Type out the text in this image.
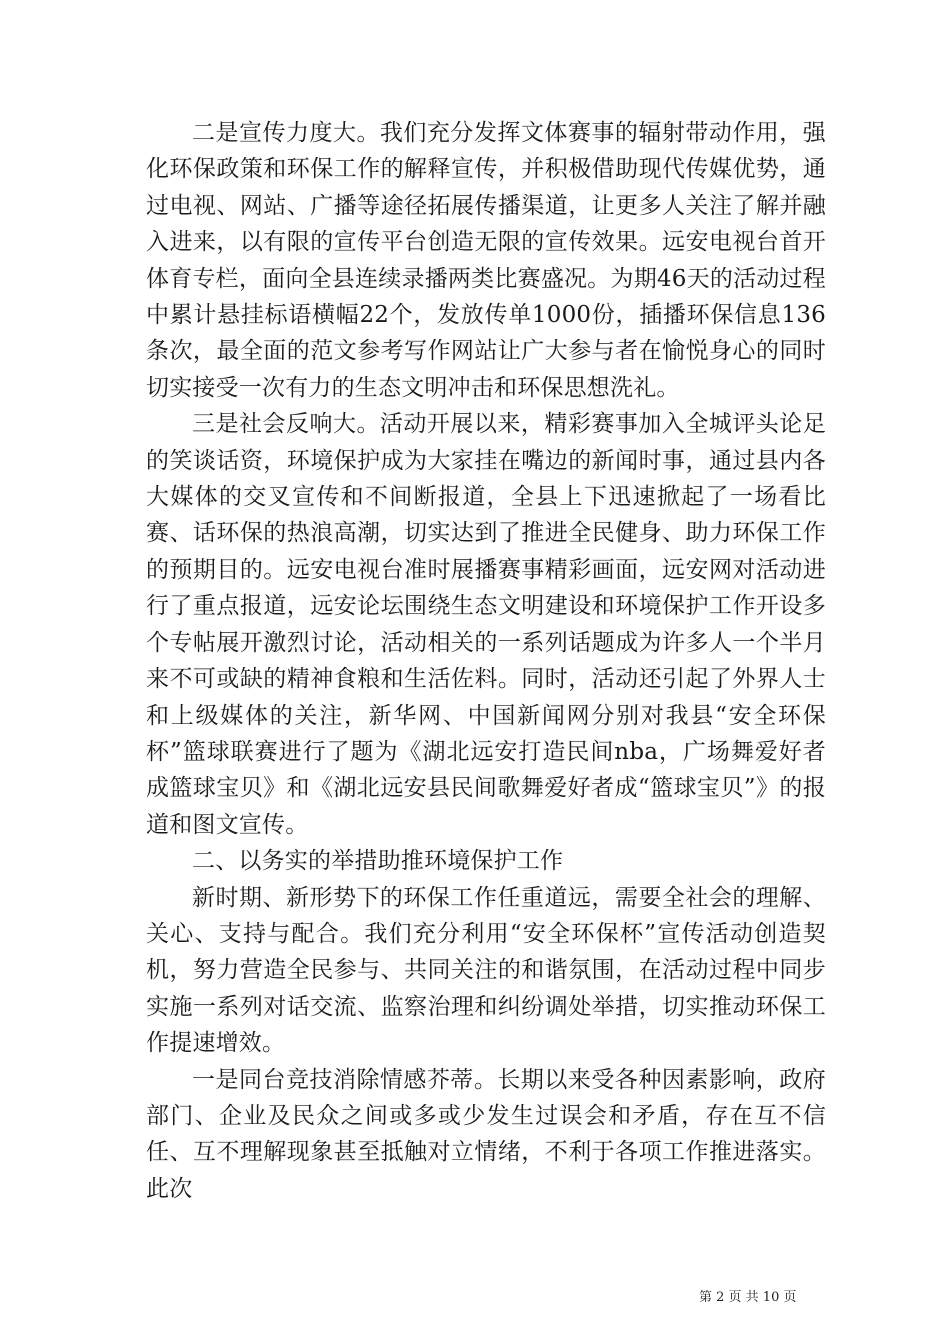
二是宣传力度大。我们充分发挥文体赛事的辐射带动作用，强化环保政策和环保工作的解释宣传，并积极借助现代传媒优势，通过电视、网站、广播等途径拓展传播渠道，让更多人关注了解并融入进来，以有限的宣传平台创造无限的宣传效果。远安电视台首开体育专栏，面向全县连续录播两类比赛盛况。为期46天的活动过程中累计悬挂标语横幅22个，发放传单1000份，插播环保信息136条次，最全面的范文参考写作网站让广大参与者在愉悦身心的同时切实接受一次有力的生态文明冲击和环保思想洗礼。

三是社会反响大。活动开展以来，精彩赛事加入全城评头论足的笑谈话资，环境保护成为大家挂在嘴边的新闻时事，通过县内各大媒体的交叉宣传和不间断报道，全县上下迅速掀起了一场看比赛、话环保的热浪高潮，切实达到了推进全民健身、助力环保工作的预期目的。远安电视台准时展播赛事精彩画面，远安网对活动进行了重点报道，远安论坛围绕生态文明建设和环境保护工作开设多个专帖展开激烈讨论，活动相关的一系列话题成为许多人一个半月来不可或缺的精神食粮和生活佐料。同时，活动还引起了外界人士和上级媒体的关注，新华网、中国新闻网分别对我县“安全环保杯”篮球联赛进行了题为《湖北远安打造民间nba，广场舞爱好者成篮球宝贝》和《湖北远安县民间歌舞爱好者成“篮球宝贝”》的报道和图文宣传。

二、以务实的举措助推环境保护工作

新时期、新形势下的环保工作任重道远，需要全社会的理解、关心、支持与配合。我们充分利用“安全环保杯”宣传活动创造契机，努力营造全民参与、共同关注的和谐氛围，在活动过程中同步实施一系列对话交流、监察治理和纠纷调处举措，切实推动环保工作提速增效。

一是同台竞技消除情感芥蒂。长期以来受各种因素影响，政府部门、企业及民众之间或多或少发生过误会和矛盾，存在互不信任、互不理解现象甚至抵触对立情绪，不利于各项工作推进落实。此次

第 2 页 共 10 页
